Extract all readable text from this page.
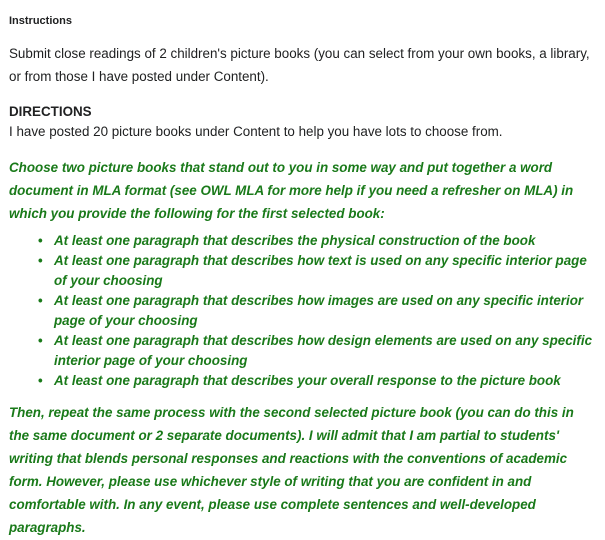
Instructions

Submit close readings of 2 children's picture books (you can select from your own books, a library, or from those I have posted under Content).

DIRECTIONS

I have posted 20 picture books under Content to help you have lots to choose from.

Choose two picture books that stand out to you in some way and put together a word document in MLA format (see OWL MLA for more help if you need a refresher on MLA) in which you provide the following for the first selected book:

• At least one paragraph that describes the physical construction of the book
• At least one paragraph that describes how text is used on any specific interior page of your choosing
• At least one paragraph that describes how images are used on any specific interior page of your choosing
• At least one paragraph that describes how design elements are used on any specific interior page of your choosing
• At least one paragraph that describes your overall response to the picture book

Then, repeat the same process with the second selected picture book (you can do this in the same document or 2 separate documents). I will admit that I am partial to students' writing that blends personal responses and reactions with the conventions of academic form. However, please use whichever style of writing that you are confident in and comfortable with. In any event, please use complete sentences and well-developed paragraphs.
